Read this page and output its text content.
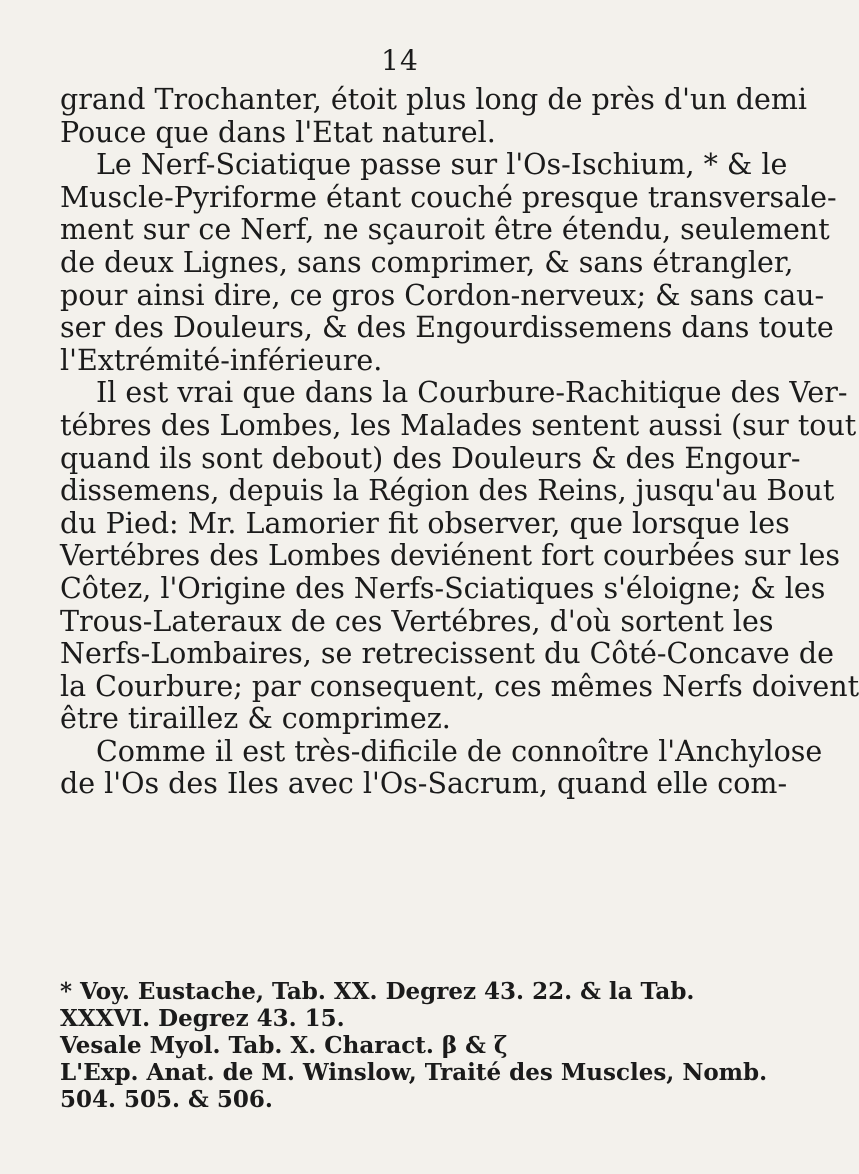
14
grand Trochanter, étoit plus long de près d'un demi
Pouce que dans l'Etat naturel.
Le Nerf-Sciatique passe sur l'Os-Ischium, * & le
Muscle-Pyriforme étant couché presque transversale-
ment sur ce Nerf, ne sçauroit être étendu, seulement
de deux Lignes, sans comprimer, & sans étrangler,
pour ainsi dire, ce gros Cordon-nerveux; & sans cau-
ser des Douleurs, & des Engourdissemens dans toute
l'Extrémité-inférieure.
Il est vrai que dans la Courbure-Rachitique des Ver-
tébres des Lombes, les Malades sentent aussi (sur tout
quand ils sont debout) des Douleurs & des Engour-
dissemens, depuis la Région des Reins, jusqu'au Bout
du Pied: Mr. Lamorier fit observer, que lorsque les
Vertébres des Lombes deviénent fort courbées sur les
Côtez, l'Origine des Nerfs-Sciatiques s'éloigne; & les
Trous-Lateraux de ces Vertébres, d'où sortent les
Nerfs-Lombaires, se retrecissent du Côté-Concave de
la Courbure; par consequent, ces mêmes Nerfs doivent
être tiraillez & comprimez.
Comme il est très-dificile de connoître l'Anchylose
de l'Os des Iles avec l'Os-Sacrum, quand elle com-
* Voy. Eustache, Tab. XX. Degrez 43. 22. & la Tab.
XXXVI. Degrez 43. 15.
Vesale Myol. Tab. X. Charact. β & ζ
L'Exp. Anat. de M. Winslow, Traité des Muscles, Nomb.
504. 505. & 506.
